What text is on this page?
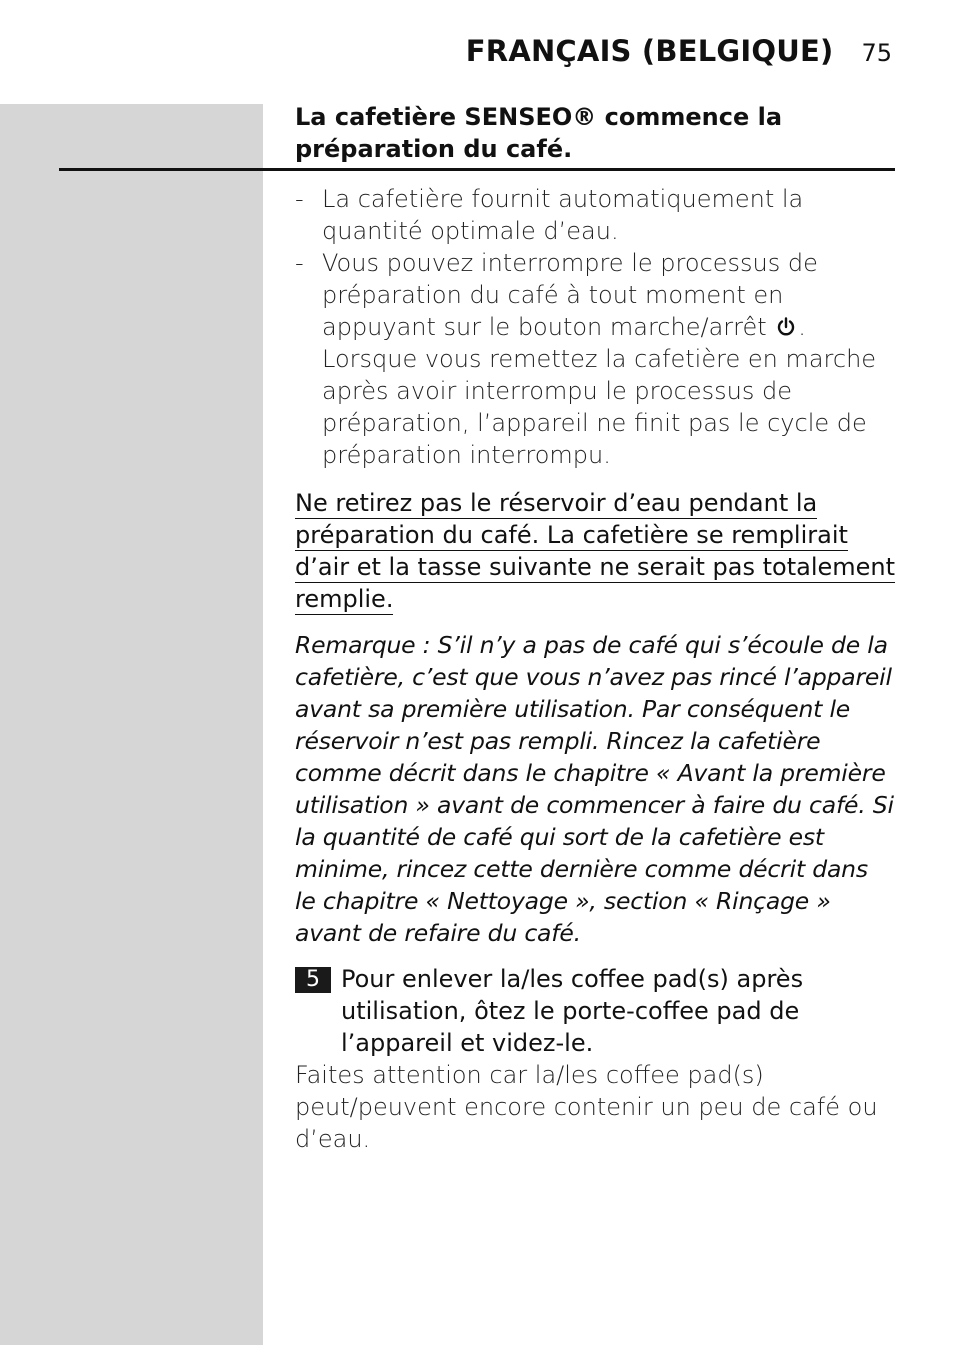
FRANÇAIS (BELGIQUE) 75
La cafetière SENSEO® commence la préparation du café.
- La cafetière fournit automatiquement la quantité optimale d’eau.
- Vous pouvez interrompre le processus de préparation du café à tout moment en appuyant sur le bouton marche/arrêt . Lorsque vous remettez la cafetière en marche après avoir interrompu le processus de préparation, l’appareil ne finit pas le cycle de préparation interrompu.
Ne retirez pas le réservoir d’eau pendant la
préparation du café. La cafetière se remplirait
d’air et la tasse suivante ne serait pas totalement
remplie.
Remarque : S’il n’y a pas de café qui s’écoule de la cafetière, c’est que vous n’avez pas rincé l’appareil avant sa première utilisation. Par conséquent le réservoir n’est pas rempli. Rincez la cafetière comme décrit dans le chapitre « Avant la première utilisation » avant de commencer à faire du café. Si la quantité de café qui sort de la cafetière est minime, rincez cette dernière comme décrit dans le chapitre « Nettoyage », section « Rinçage » avant de refaire du café.
5 Pour enlever la/les coffee pad(s) après utilisation, ôtez le porte-coffee pad de l’appareil et videz-le.
Faites attention car la/les coffee pad(s) peut/peuvent encore contenir un peu de café ou d’eau.
